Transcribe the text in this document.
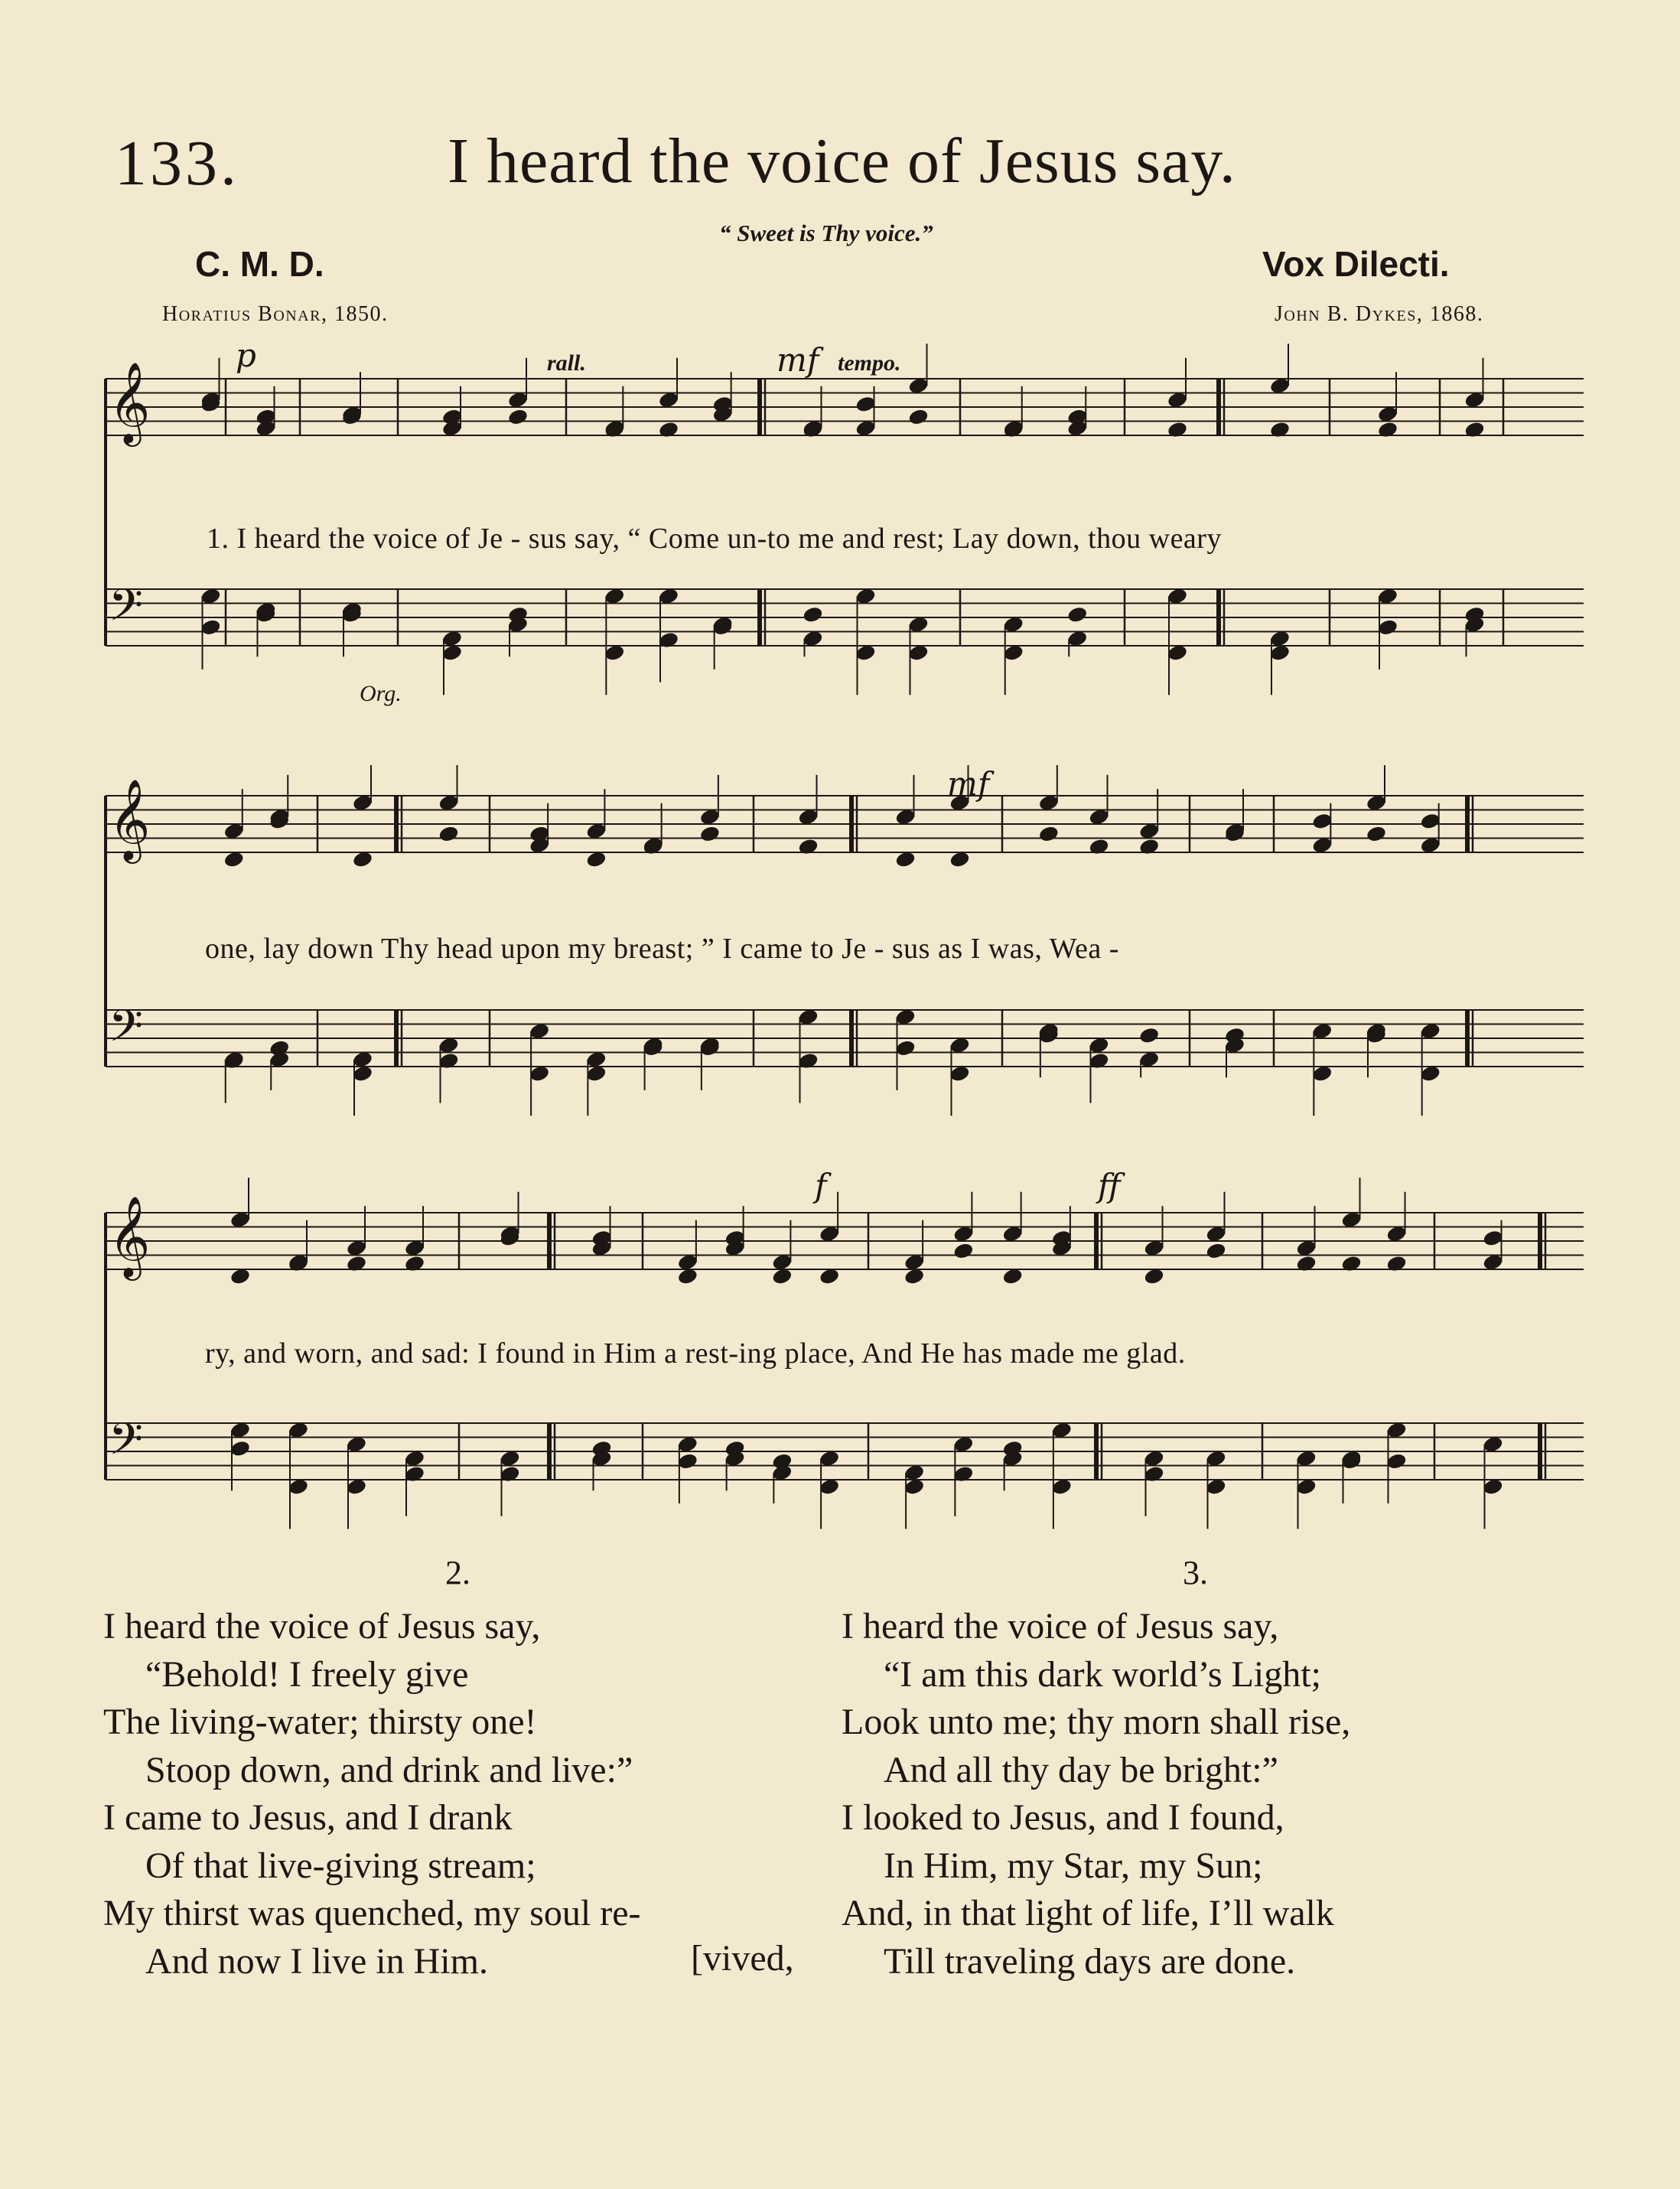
133.	I heard the voice of Jesus say.
“ Sweet is Thy voice.”
C. M. D.	Vox Dilecti.
Horatius Bonar, 1850.	John B. Dykes, 1868.
𝄞
𝄢
p	rall.	mf tempo.
1. I heard the voice of Je - sus say, “ Come un-to me and rest; Lay down, thou weary
Org.
𝄞
𝄢
mf
one, lay down Thy head upon my breast; ” I came to Je - sus as I was, Wea -
𝄞
𝄢
f	ff
ry, and worn, and sad: I found in Him a rest-ing place, And He has made me glad.
2.	3.
I heard the voice of Jesus say,
“Behold! I freely give
The living-water; thirsty one!
Stoop down, and drink and live:”
I came to Jesus, and I drank
Of that live-giving stream;
My thirst was quenched, my soul re-
And now I live in Him.	[vived,
I heard the voice of Jesus say,
“I am this dark world’s Light;
Look unto me; thy morn shall rise,
And all thy day be bright:”
I looked to Jesus, and I found,
In Him, my Star, my Sun;
And, in that light of life, I’ll walk
Till traveling days are done.
